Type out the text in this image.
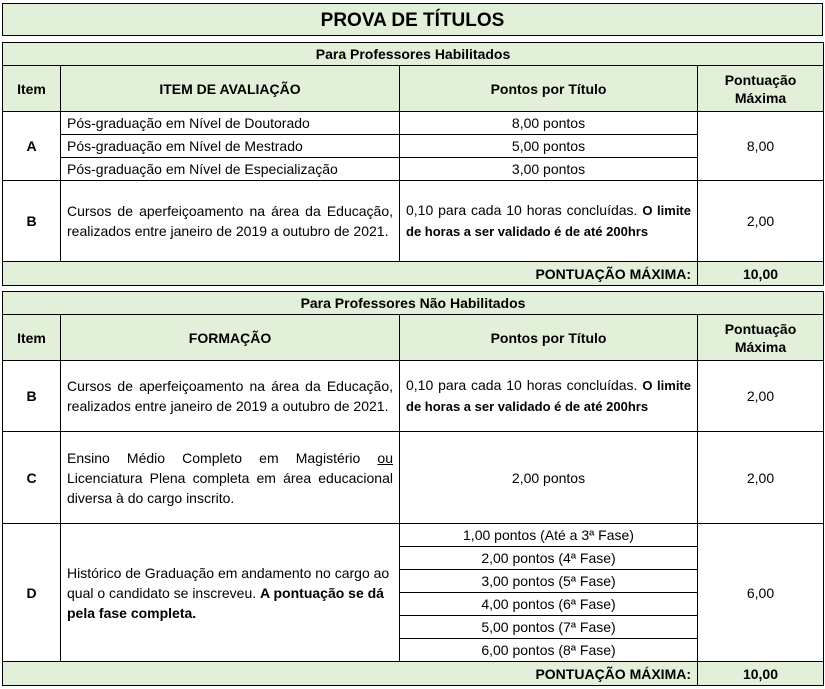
PROVA DE TÍTULOS
Para Professores Habilitados			
Item	ITEM DE AVALIAÇÃO	Pontos por Título	Pontuação
Máxima

A	Pós-graduação em Nível de Doutorado	8,00 pontos	8,00
	Pós-graduação em Nível de Mestrado	5,00 pontos	
	Pós-graduação em Nível de Especialização	3,00 pontos	
B	Cursos de aperfeiçoamento na área da Educação, realizados entre janeiro de 2019 a outubro de 2021.	0,10 para cada 10 horas concluídas. O limite de horas a ser validado é de até 200hrs	2,00
PONTUAÇÃO MÁXIMA:			10,00
Para Professores Não Habilitados			
Item	FORMAÇÃO	Pontos por Título	Pontuação
Máxima

B	Cursos de aperfeiçoamento na área da Educação, realizados entre janeiro de 2019 a outubro de 2021.	0,10 para cada 10 horas concluídas. O limite de horas a ser validado é de até 200hrs	2,00
C	Ensino Médio Completo em Magistério ou Licenciatura Plena completa em área educacional diversa à do cargo inscrito.	2,00 pontos	2,00
D	Histórico de Graduação em andamento no cargo ao qual o candidato se inscreveu. A pontuação se dá pela fase completa.	1,00 pontos (Até a 3ª Fase)	6,00
		2,00 pontos (4ª Fase)	
		3,00 pontos (5ª Fase)	
		4,00 pontos (6ª Fase)	
		5,00 pontos (7ª Fase)	
		6,00 pontos (8ª Fase)	
PONTUAÇÃO MÁXIMA:			10,00
